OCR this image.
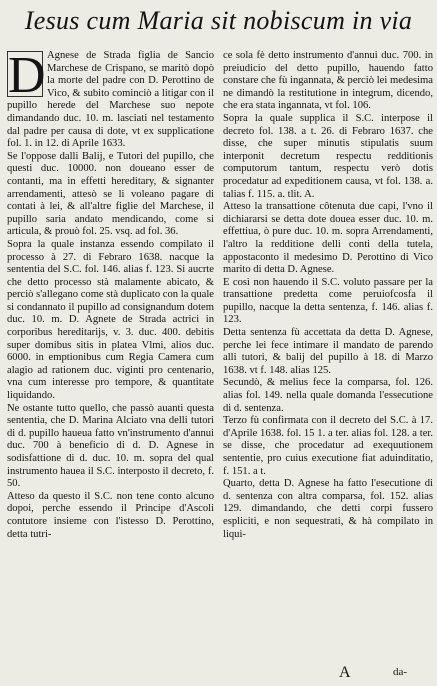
Iesus cum Maria sit nobiscum in via
D Agnese de Strada figlia de Sancio Marchese de Crispano, se maritò dopò la morte del padre con D. Perottino de Vico, & subito cominciò a litigar con il pupillo herede del Marchese suo nepote dimandando duc. 10. m. lasciati nel testamento dal padre per causa di dote, vt ex supplicatione fol. 1. in 12. di Aprile 1633.

Se l'oppose dalli Balij, e Tutori del pupillo, che questi duc. 10000. non doueano esser de contanti, ma in effetti hereditary, & signanter arrendamenti, attesò se li voleano pagare di contati à lei, & all'altre figlie del Marchese, il pupillo saria andato mendicando, come si articula, & prouò fol. 25. vsq. ad fol. 36.

Sopra la quale instanza essendo compilato il processo à 27. di Febraro 1638. nacque la sententia del S.C. fol. 146. alias f. 123. Si aucrte che detto processo stà malamente abicato, & perciò s'allegano come stà duplicato con la quale si condannato il pupillo ad consignandum dotem duc. 10. m. D. Agnete de Strada actrici in corporibus hereditarijs, v. 3. duc. 400. debitis super domibus sitis in platea Vlmi, alios duc. 6000. in emptionibus cum Regia Camera cum alagio ad rationem duc. viginti pro centenario, vna cum interesse pro tempore, & quantitate liquidando.

Ne ostante tutto quello, che passò auanti questa sententia, che D. Marina Alciato vna delli tutori di d. pupillo haueua fatto vn'instrumento d'annui duc. 700 à beneficio di d. D. Agnese in sodisfattione di d. duc. 10. m. sopra del qual instrumento hauea il S.C. interposto il decreto, f. 50.

Atteso da questo il S.C. non tene conto alcuno dopoi, perche essendo il Principe d'Ascoli contutore insieme con l'istesso D. Perottino, detta tutri-

ce sola fè detto instrumento d'annui duc. 700. in preiudicio del detto pupillo, hauendo fatto constare che fù ingannata, & perciò lei medesima ne dimandò la restitutione in integrum, dicendo, che era stata ingannata, vt fol. 106.

Sopra la quale supplica il S.C. interpose il decreto fol. 138. a t. 26. di Febraro 1637. che disse, che super minutis stipulatis suum interponit decretum respectu redditionis computorum tantum, respectu verò dotis procedatur ad expeditionem causa, vt fol. 138. a. talias f. 115. a. tlit. A.

Atteso la transattione côtenuta due capi, l'vno il dichiararsi se detta dote douea esser duc. 10. m. effettiua, ò pure duc. 10. m. sopra Arrendamenti, l'altro la redditione delli conti della tutela, appostaconto il medesimo D. Perottino di Vico marito di detta D. Agnese.

E così non hauendo il S.C. voluto passare per la transattione predetta come peruiofcosfa il pupillo, nacque la detta sentenza, f. 146. alias f. 123.

Detta sentenza fù accettata da detta D. Agnese, perche lei fece intimare il mandato de parendo alli tutori, & balij del pupillo à 18. di Marzo 1638. vt f. 148. alias 125.

Secundò, & melius fece la comparsa, fol. 126. alias fol. 149. nella quale domanda l'essecutione di d. sentenza.

Terzo fù confirmata con il decreto del S.C. à 17. d'Aprile 1638. fol. 15 1. a ter. alias fol. 128. a ter. se disse, che procedatur ad exequutionem sententie, pro cuius executione fiat aduinditatio, f. 151. a t.

Quarto, detta D. Agnese ha fatto l'esecutione di d. sentenza con altra comparsa, fol. 152. alias 129. dimandando, che detti corpi fussero espliciti, e non sequestrati, & hà compilato in liqui-

A	da-
